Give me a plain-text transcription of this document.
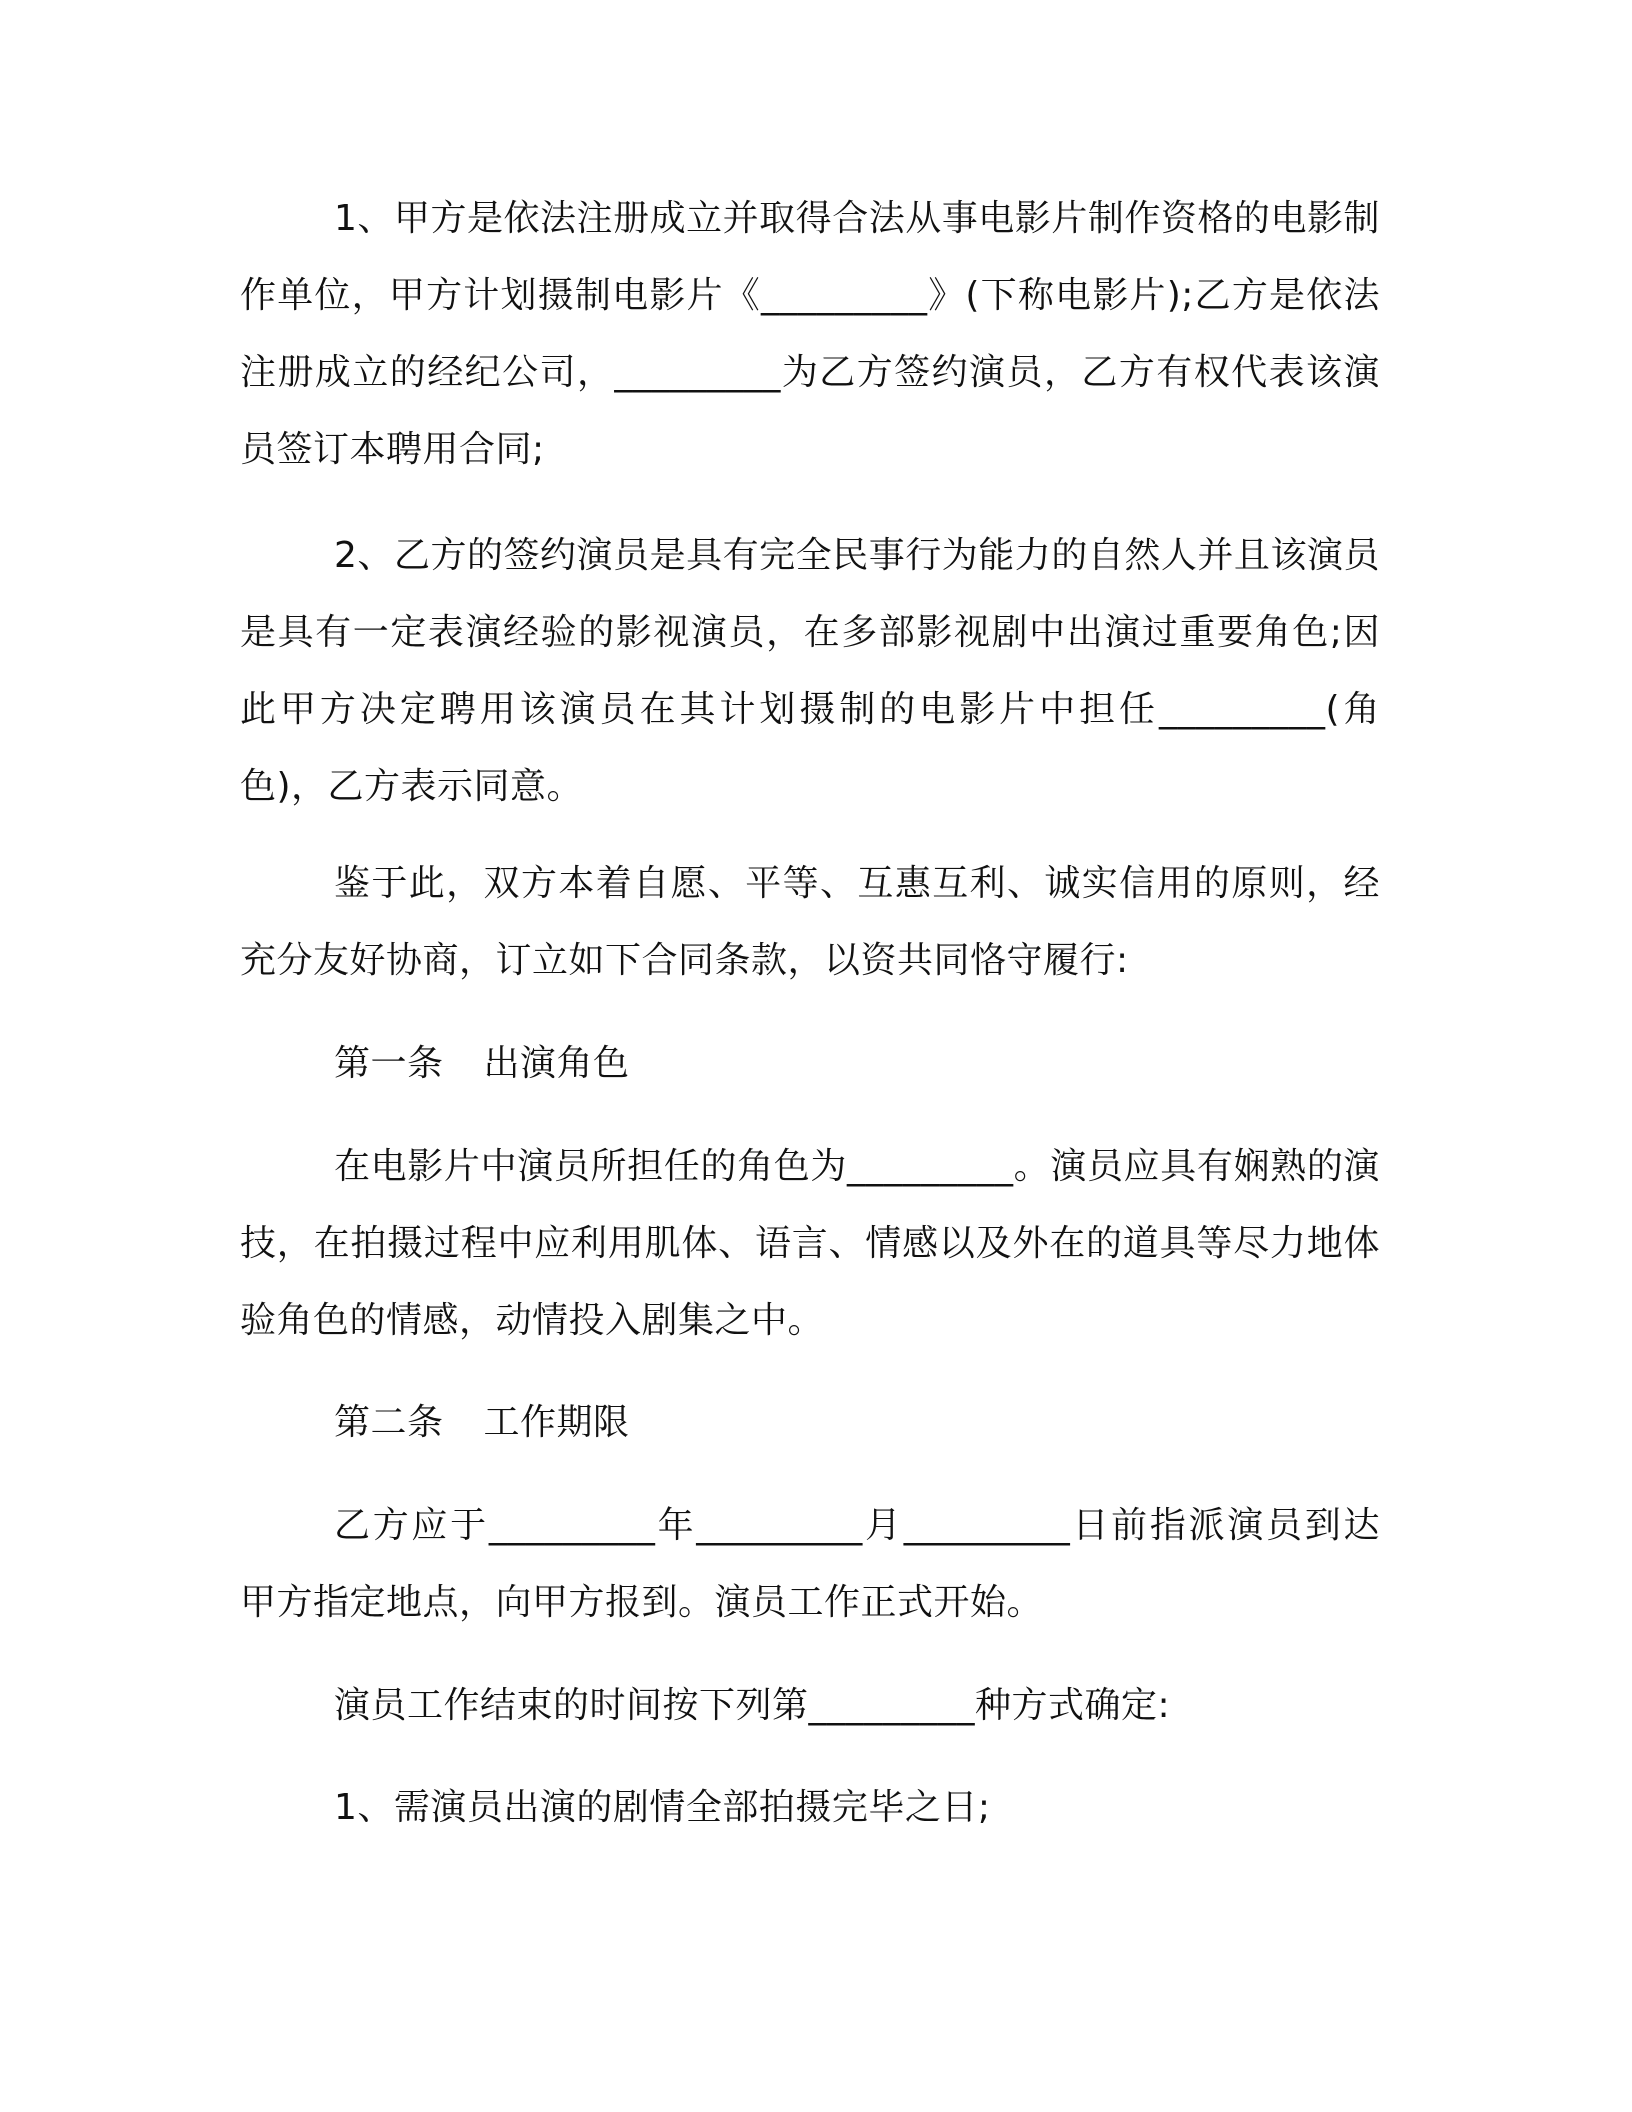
1、甲方是依法注册成立并取得合法从事电影片制作资格的电影制作单位，甲方计划摄制电影片《_________》(下称电影片);乙方是依法注册成立的经纪公司，_________为乙方签约演员，乙方有权代表该演员签订本聘用合同;

2、乙方的签约演员是具有完全民事行为能力的自然人并且该演员是具有一定表演经验的影视演员，在多部影视剧中出演过重要角色;因此甲方决定聘用该演员在其计划摄制的电影片中担任_________(角色)，乙方表示同意。

鉴于此，双方本着自愿、平等、互惠互利、诚实信用的原则，经充分友好协商，订立如下合同条款，以资共同恪守履行:

第一条 出演角色

在电影片中演员所担任的角色为_________。演员应具有娴熟的演技，在拍摄过程中应利用肌体、语言、情感以及外在的道具等尽力地体验角色的情感，动情投入剧集之中。

第二条 工作期限

乙方应于_________年_________月_________日前指派演员到达甲方指定地点，向甲方报到。演员工作正式开始。

演员工作结束的时间按下列第_________种方式确定:

1、需演员出演的剧情全部拍摄完毕之日;
